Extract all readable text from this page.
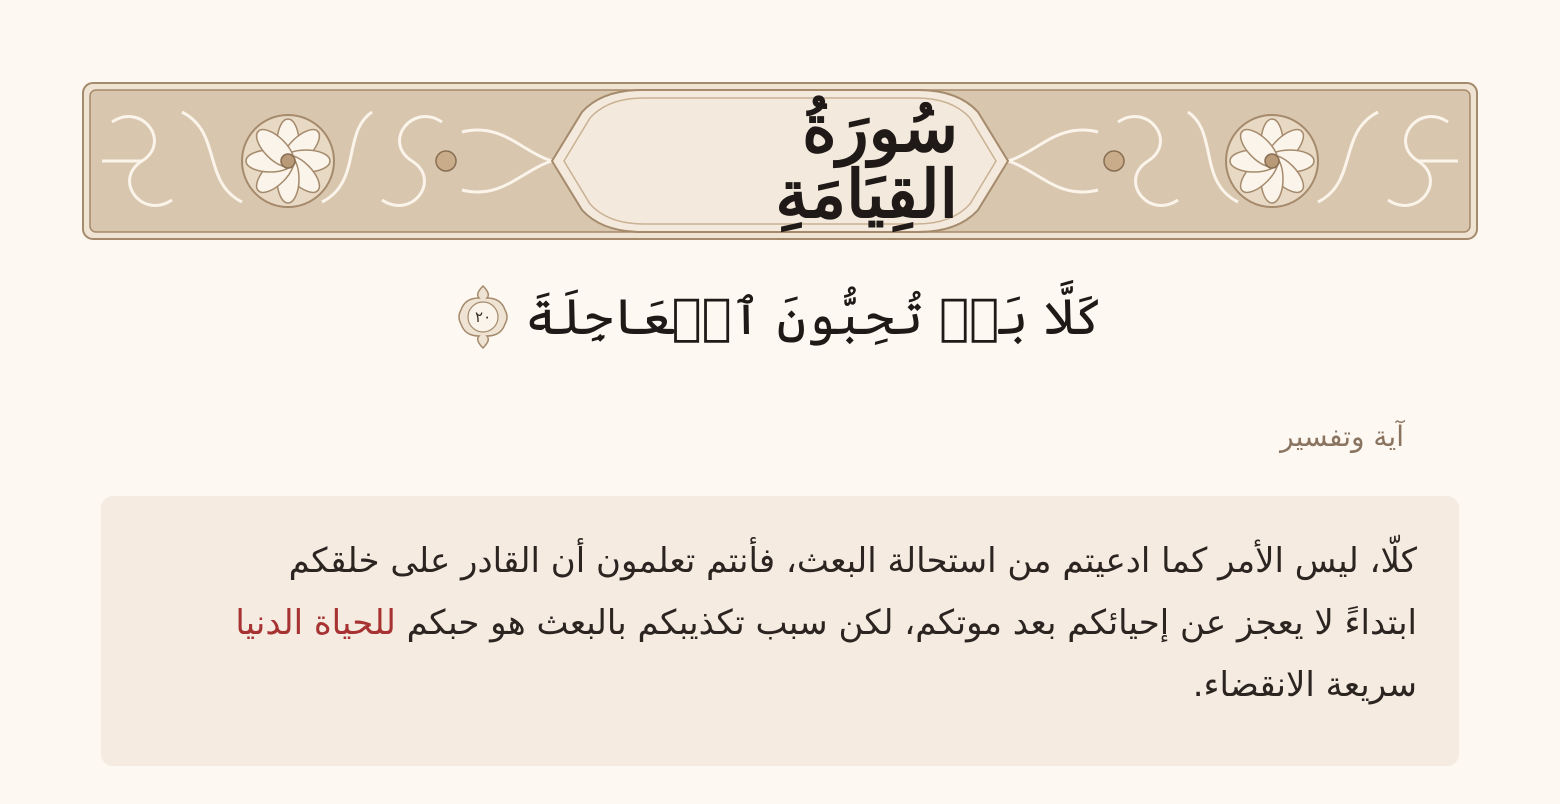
سُورَةُ القِيَامَةِ
كَلَّا بَلۡ تُحِبُّونَ ٱلۡعَاجِلَةَ
٢٠
آية وتفسير

كلّا، ليس الأمر كما ادعيتم من استحالة البعث، فأنتم تعلمون أن القادر على خلقكم ابتداءً لا يعجز عن إحيائكم بعد موتكم، لكن سبب تكذيبكم بالبعث هو حبكم للحياة الدنيا سريعة الانقضاء.
